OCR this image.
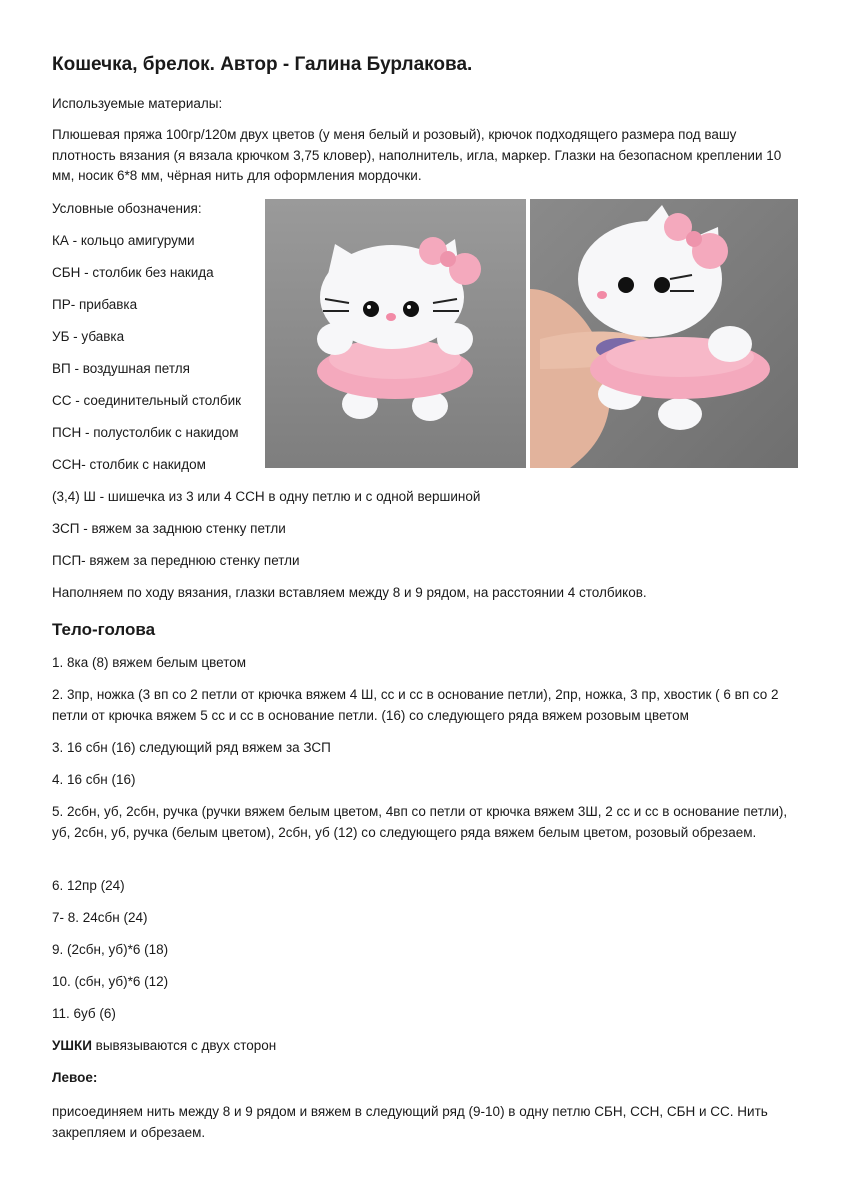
Кошечка, брелок. Автор - Галина Бурлакова.

Используемые материалы:

Плюшевая пряжа 100гр/120м двух цветов (у меня белый и розовый), крючок подходящего размера под вашу плотность вязания (я вязала крючком 3,75 кловер), наполнитель, игла, маркер. Глазки на безопасном креплении 10 мм, носик 6*8 мм, чёрная нить для оформления мордочки.

Условные обозначения:

КА - кольцо амигуруми

СБН - столбик без накида

ПР- прибавка

УБ - убавка

ВП - воздушная петля

СС - соединительный столбик

ПСН - полустолбик с накидом

ССН- столбик с накидом

(3,4) Ш - шишечка из 3 или 4 ССН в одну петлю и с одной вершиной

ЗСП - вяжем за заднюю стенку петли

ПСП- вяжем за переднюю стенку петли

Наполняем по ходу вязания, глазки вставляем между 8 и 9 рядом, на расстоянии 4 столбиков.

Тело-голова

1. 8ка (8) вяжем белым цветом

2. 3пр, ножка (3 вп со 2 петли от крючка вяжем 4 Ш, сс и сс в основание петли), 2пр, ножка, 3 пр, хвостик ( 6 вп со 2 петли от крючка вяжем 5 сс и сс в основание петли. (16) со следующего ряда вяжем розовым цветом

3. 16 сбн (16) следующий ряд вяжем за ЗСП

4. 16 сбн (16)

5. 2сбн, уб, 2сбн, ручка (ручки вяжем белым цветом, 4вп со петли от крючка вяжем 3Ш, 2 сс и сс в основание петли), уб, 2сбн, уб, ручка (белым цветом), 2сбн, уб (12) со следующего ряда вяжем белым цветом, розовый обрезаем.

6. 12пр (24)

7- 8. 24сбн (24)

9. (2сбн, уб)*6 (18)

10. (сбн, уб)*6 (12)

11. 6уб (6)

УШКИ вывязываются с двух сторон

Левое:

присоединяем нить между 8 и 9 рядом и вяжем в следующий ряд (9-10) в одну петлю СБН, ССН, СБН и СС. Нить закрепляем и обрезаем.
